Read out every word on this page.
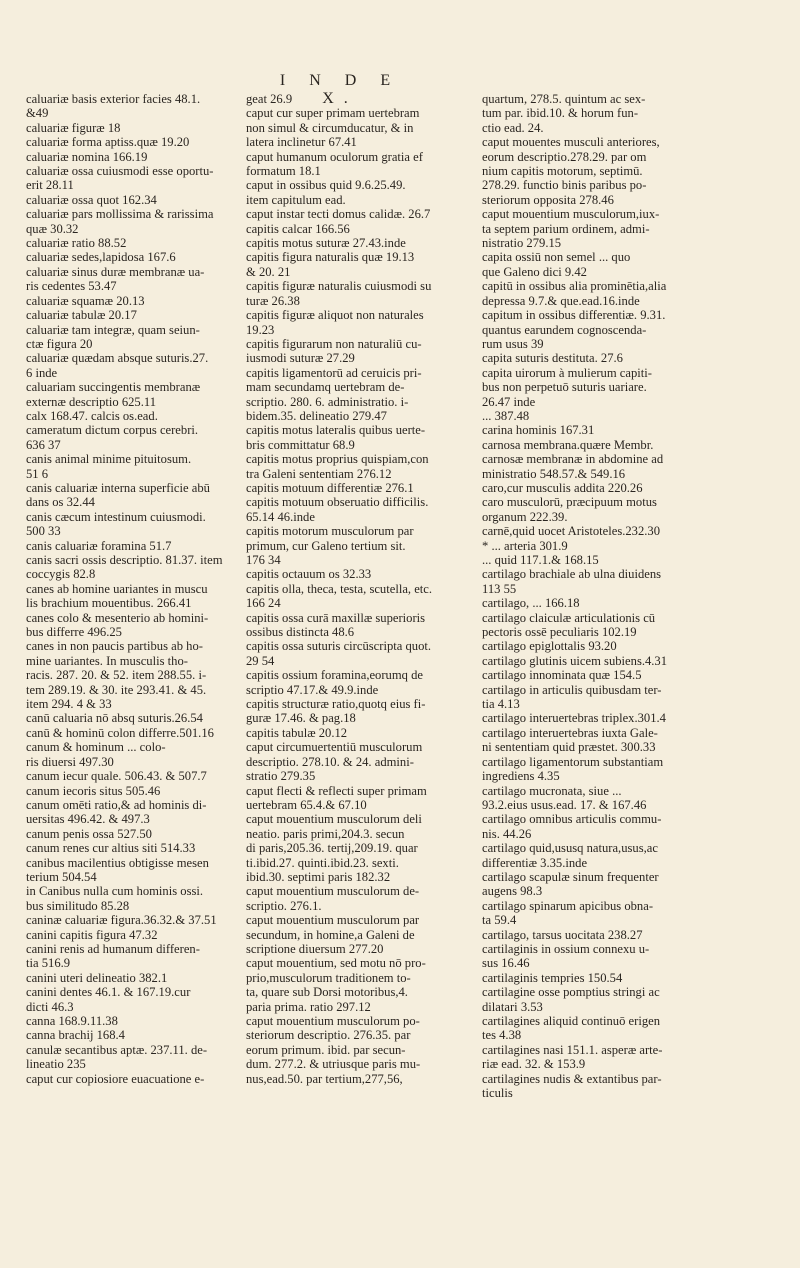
I N D E X.
caluariæ basis exterior facies 48.1.
&49
caluariæ figuræ 18
caluariæ forma aptiss.quæ 19.20
caluariæ nomina 166.19
caluariæ ossa cuiusmodi esse oportu-
erit 28.11
caluariæ ossa quot 162.34
caluariæ pars mollissima & rarissima
quæ 30.32
caluariæ ratio 88.52
caluariæ sedes,lapidosa 167.6
caluariæ sinus duræ membranæ ua-
ris cedentes 53.47
caluariæ squamæ 20.13
caluariæ tabulæ 20.17
caluariæ tam integræ, quam seiun-
ctæ figura 20
caluariæ quædam absque suturis.27.
6 inde
caluariam succingentis membranæ
externæ descriptio 625.11
calx 168.47. calcis os.ead.
cameratum dictum corpus cerebri.
636 37
canis animal minime pituitosum.
51 6
canis caluariæ interna superficie abū
dans os 32.44
canis cæcum intestinum cuiusmodi.
500 33
canis caluariæ foramina 51.7
canis sacri ossis descriptio. 81.37. item
coccygis 82.8
canes ab homine uariantes in muscu
lis brachium mouentibus. 266.41
canes colo & mesenterio ab homini-
bus differre 496.25
canes in non paucis partibus ab ho-
mine uariantes. In musculis tho-
racis. 287. 20. & 52. item 288.55. i-
tem 289.19. & 30. ite 293.41. & 45.
item 294. 4 & 33
canū caluaria nō absq suturis.26.54
canū & hominū colon differre.501.16
canum & hominum ... colo-
ris diuersi 497.30
canum iecur quale. 506.43. & 507.7
canum iecoris situs 505.46
canum omēti ratio,& ad hominis di-
uersitas 496.42. & 497.3
canum penis ossa 527.50
canum renes cur altius siti 514.33
canibus macilentius obtigisse mesen
terium 504.54
in Canibus nulla cum hominis ossi.
bus similitudo 85.28
caninæ caluariæ figura.36.32.& 37.51
canini capitis figura 47.32
canini renis ad humanum differen-
tia 516.9
canini uteri delineatio 382.1
canini dentes 46.1. & 167.19.cur
dicti 46.3
canna 168.9.11.38
canna brachij 168.4
canulæ secantibus aptæ. 237.11. de-
lineatio 235
caput cur copiosiore euacuatione e-
geat 26.9
caput cur super primam uertebram
non simul & circumducatur, & in
latera inclinetur 67.41
caput humanum oculorum gratia ef
formatum 18.1
caput in ossibus quid 9.6.25.49.
item capitulum ead.
caput instar tecti domus calidæ. 26.7
capitis calcar 166.56
capitis motus suturæ 27.43.inde
capitis figura naturalis quæ 19.13
& 20. 21
capitis figuræ naturalis cuiusmodi su
turæ 26.38
capitis figuræ aliquot non naturales
19.23
capitis figurarum non naturaliū cu-
iusmodi suturæ 27.29
capitis ligamentorū ad ceruicis pri-
mam secundamq uertebram de-
scriptio. 280. 6. administratio. i-
bidem.35. delineatio 279.47
capitis motus lateralis quibus uerte-
bris committatur 68.9
capitis motus proprius quispiam,con
tra Galeni sententiam 276.12
capitis motuum differentiæ 276.1
capitis motuum obseruatio difficilis.
65.14 46.inde
capitis motorum musculorum par
primum, cur Galeno tertium sit.
176 34
capitis octauum os 32.33
capitis olla, theca, testa, scutella, etc.
166 24
capitis ossa curā maxillæ superioris
ossibus distincta 48.6
capitis ossa suturis circūscripta quot.
29 54
capitis ossium foramina,eorumq de
scriptio 47.17.& 49.9.inde
capitis structuræ ratio,quotq eius fi-
guræ 17.46. & pag.18
capitis tabulæ 20.12
caput circumuertentiū musculorum
descriptio. 278.10. & 24. admini-
stratio 279.35
caput flecti & reflecti super primam
uertebram 65.4.& 67.10
caput mouentium musculorum deli
neatio. paris primi,204.3. secun
di paris,205.36. tertij,209.19. quar
ti.ibid.27. quinti.ibid.23. sexti.
ibid.30. septimi paris 182.32
caput mouentium musculorum de-
scriptio. 276.1.
caput mouentium musculorum par
secundum, in homine,a Galeni de
scriptione diuersum 277.20
caput mouentium, sed motu nō pro-
prio,musculorum traditionem to-
ta, quare sub Dorsi motoribus,4.
paria prima. ratio 297.12
caput mouentium musculorum po-
steriorum descriptio. 276.35. par
eorum primum. ibid. par secun-
dum. 277.2. & utriusque paris mu-
nus,ead.50. par tertium,277,56,
quartum, 278.5. quintum ac sex-
tum par. ibid.10. & horum fun-
ctio ead. 24.
caput mouentes musculi anteriores,
eorum descriptio.278.29. par om
nium capitis motorum, septimū.
278.29. functio binis paribus po-
steriorum opposita 278.46
caput mouentium musculorum,iux-
ta septem parium ordinem, admi-
nistratio 279.15
capita ossiū non semel ... quo
que Galeno dici 9.42
capitū in ossibus alia prominētia,alia
depressa 9.7.& que.ead.16.inde
capitum in ossibus differentiæ. 9.31.
quantus earundem cognoscenda-
rum usus 39
capita suturis destituta. 27.6
capita uirorum à mulierum capiti-
bus non perpetuō suturis uariare.
26.47 inde
... 387.48
carina hominis 167.31
carnosa membrana.quære Membr.
carnosæ membranæ in abdomine ad
ministratio 548.57.& 549.16
caro,cur musculis addita 220.26
caro musculorū, præcipuum motus
organum 222.39.
carnē,quid uocet Aristoteles.232.30
* ... arteria 301.9
... quid 117.1.& 168.15
cartilago brachiale ab ulna diuidens
113 55
cartilago, ... 166.18
cartilago claiculæ articulationis cū
pectoris ossē peculiaris 102.19
cartilago epiglottalis 93.20
cartilago glutinis uicem subiens.4.31
cartilago innominata quæ 154.5
cartilago in articulis quibusdam ter-
tia 4.13
cartilago interuertebras triplex.301.4
cartilago interuertebras iuxta Gale-
ni sententiam quid præstet. 300.33
cartilago ligamentorum substantiam
ingrediens 4.35
cartilago mucronata, siue ...
93.2.eius usus.ead. 17. & 167.46
cartilago omnibus articulis commu-
nis. 44.26
cartilago quid,ususq natura,usus,ac
differentiæ 3.35.inde
cartilago scapulæ sinum frequenter
augens 98.3
cartilago spinarum apicibus obna-
ta 59.4
cartilago, tarsus uocitata 238.27
cartilaginis in ossium connexu u-
sus 16.46
cartilaginis tempries 150.54
cartilagine osse pomptius stringi ac
dilatari 3.53
cartilagines aliquid continuō erigen
tes 4.38
cartilagines nasi 151.1. asperæ arte-
riæ ead. 32. & 153.9
cartilagines nudis & extantibus par-
ticulis
